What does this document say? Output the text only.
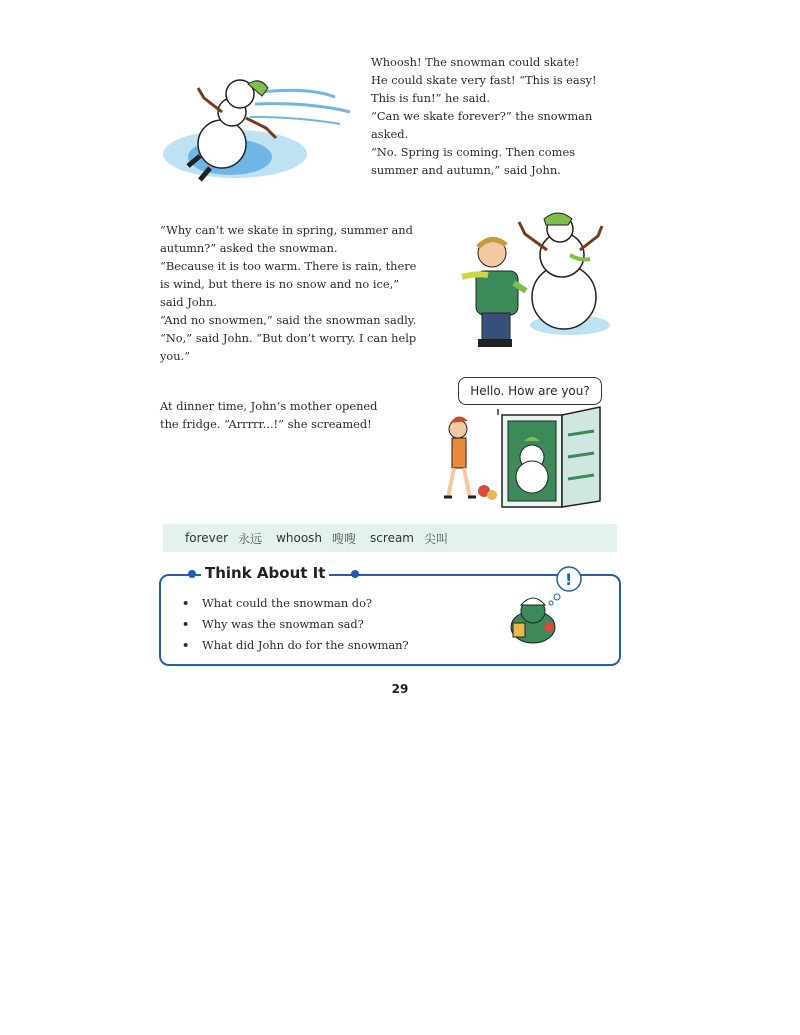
Whoosh! The snowman could skate!
He could skate very fast! “This is easy!
This is fun!” he said.
“Can we skate forever?” the snowman
asked.
“No. Spring is coming. Then comes
summer and autumn,” said John.
“Why can’t we skate in spring, summer and
autumn?” asked the snowman.
“Because it is too warm. There is rain, there
is wind, but there is no snow and no ice,”
said John.
“And no snowmen,” said the snowman sadly.
“No,” said John. “But don’t worry. I can help
you.”
Hello. How are you?
At dinner time, John’s mother opened
the fridge. “Arrrrr...!” she screamed!
forever 永远 whoosh 嗖嗖 scream 尖叫
Think About It
• What could the snowman do?
• Why was the snowman sad?
• What did John do for the snowman?
!
29
